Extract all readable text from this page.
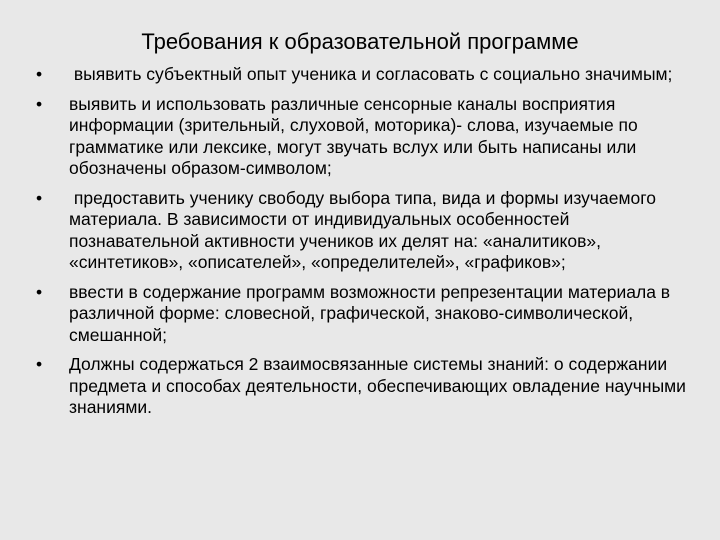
Требования к образовательной программе
• выявить субъектный опыт ученика и согласовать с социально значимым;
• выявить и использовать различные сенсорные каналы восприятия информации (зрительный, слуховой, моторика)- слова, изучаемые по грамматике или лексике, могут звучать вслух или быть написаны или обозначены образом-символом;
• предоставить ученику свободу выбора типа, вида и формы изучаемого материала. В зависимости от индивидуальных особенностей познавательной активности учеников их делят на: «аналитиков», «синтетиков», «описателей», «определителей», «графиков»;
• ввести в содержание программ возможности репрезентации материала в различной форме: словесной, графической, знаково-символической, смешанной;
• Должны содержаться 2 взаимосвязанные системы знаний: о содержании предмета и способах деятельности, обеспечивающих овладение научными  знаниями.
